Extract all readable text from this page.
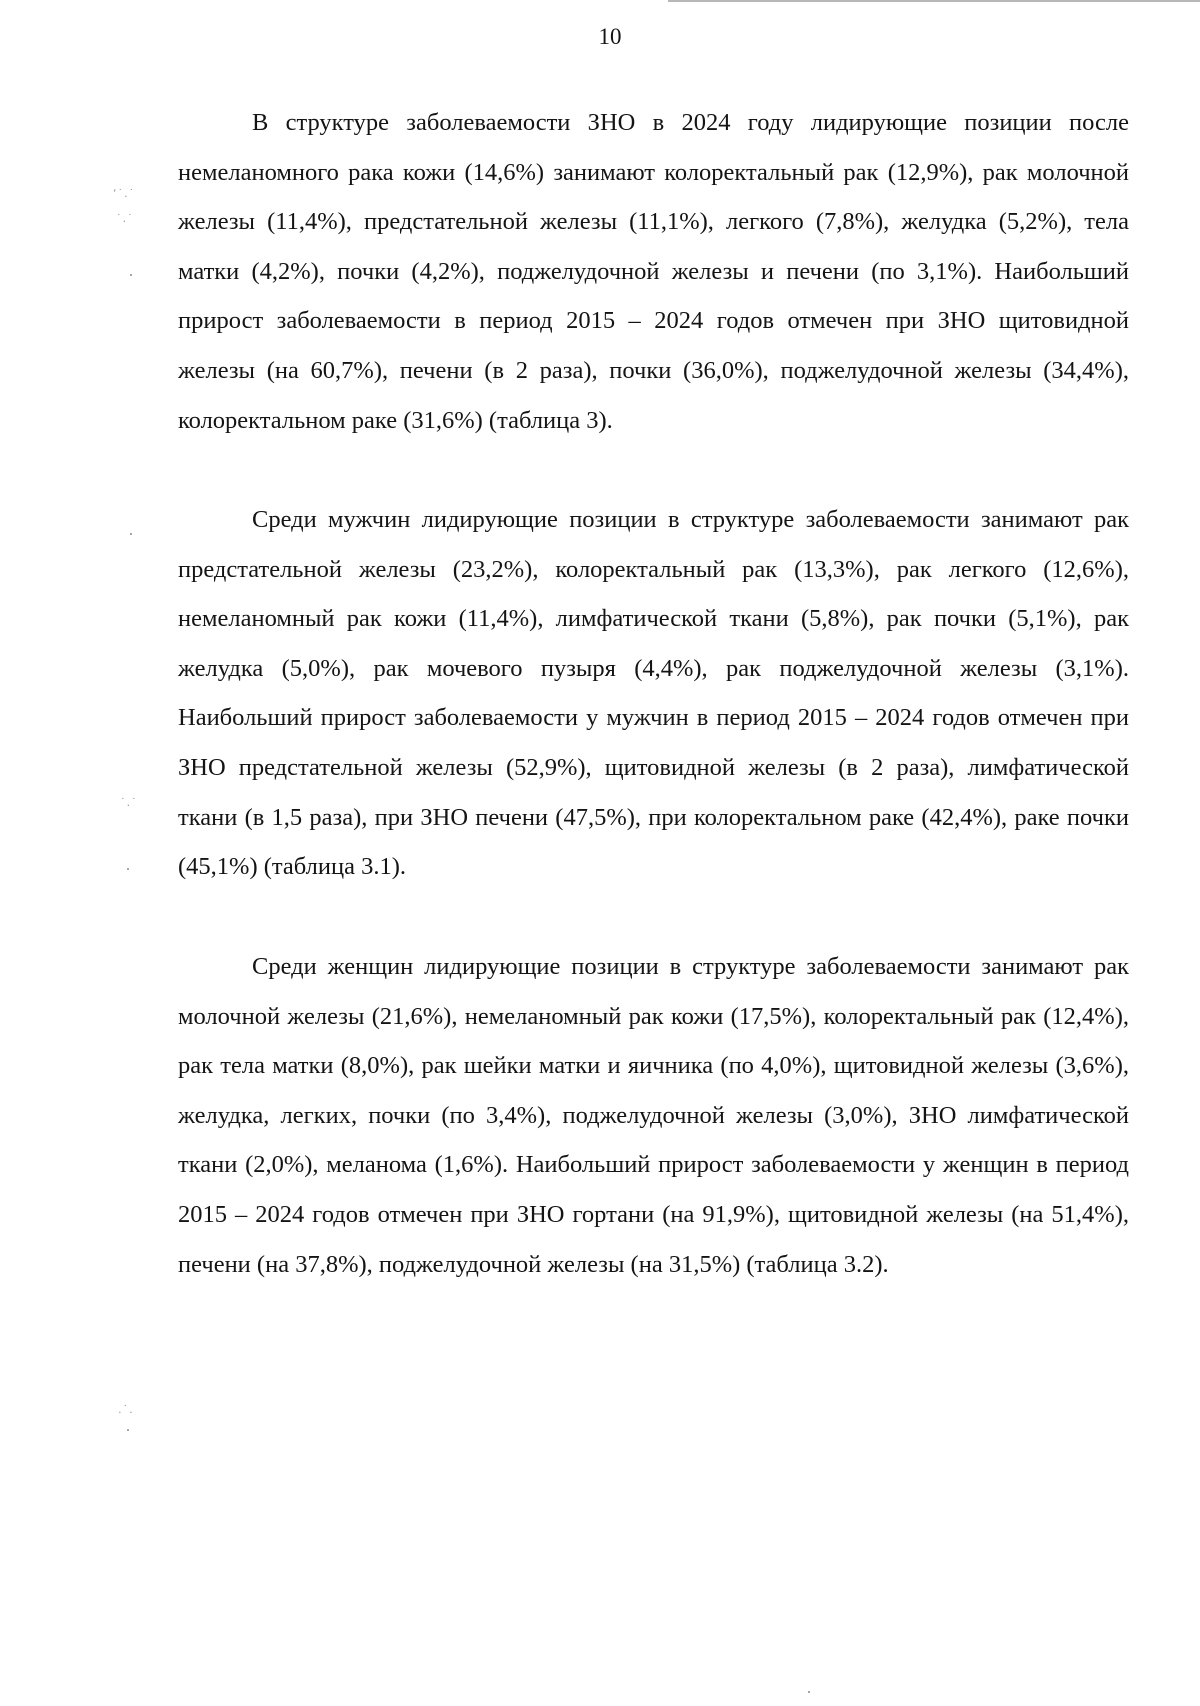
10

В структуре заболеваемости ЗНО в 2024 году лидирующие позиции после немеланомного рака кожи (14,6%) занимают колоректальный рак (12,9%), рак молочной железы (11,4%), предстательной железы (11,1%), легкого (7,8%), желудка (5,2%), тела матки (4,2%), почки (4,2%), поджелудочной железы и печени (по 3,1%). Наибольший прирост заболеваемости в период 2015 – 2024 годов отмечен при ЗНО щитовидной железы (на 60,7%), печени (в 2 раза), почки (36,0%), поджелудочной железы (34,4%), колоректальном раке (31,6%) (таблица 3).

Среди мужчин лидирующие позиции в структуре заболеваемости занимают рак предстательной железы (23,2%), колоректальный рак (13,3%), рак легкого (12,6%), немеланомный рак кожи (11,4%), лимфатической ткани (5,8%), рак почки (5,1%), рак желудка (5,0%), рак мочевого пузыря (4,4%), рак поджелудочной железы (3,1%). Наибольший прирост заболеваемости у мужчин в период 2015 – 2024 годов отмечен при ЗНО предстательной железы (52,9%), щитовидной железы (в 2 раза), лимфатической ткани (в 1,5 раза), при ЗНО печени (47,5%), при колоректальном раке (42,4%), раке почки (45,1%) (таблица 3.1).

Среди женщин лидирующие позиции в структуре заболеваемости занимают рак молочной железы (21,6%), немеланомный рак кожи (17,5%), колоректальный рак (12,4%), рак тела матки (8,0%), рак шейки матки и яичника (по 4,0%), щитовидной железы (3,6%), желудка, легких, почки (по 3,4%), поджелудочной железы (3,0%), ЗНО лимфатической ткани (2,0%), меланома (1,6%). Наибольший прирост заболеваемости у женщин в период 2015 – 2024 годов отмечен при ЗНО гортани (на 91,9%), щитовидной железы (на 51,4%), печени (на 37,8%), поджелудочной железы (на 31,5%) (таблица 3.2).

‘˙․˙
˙․˙
˙․˙
․˙․
